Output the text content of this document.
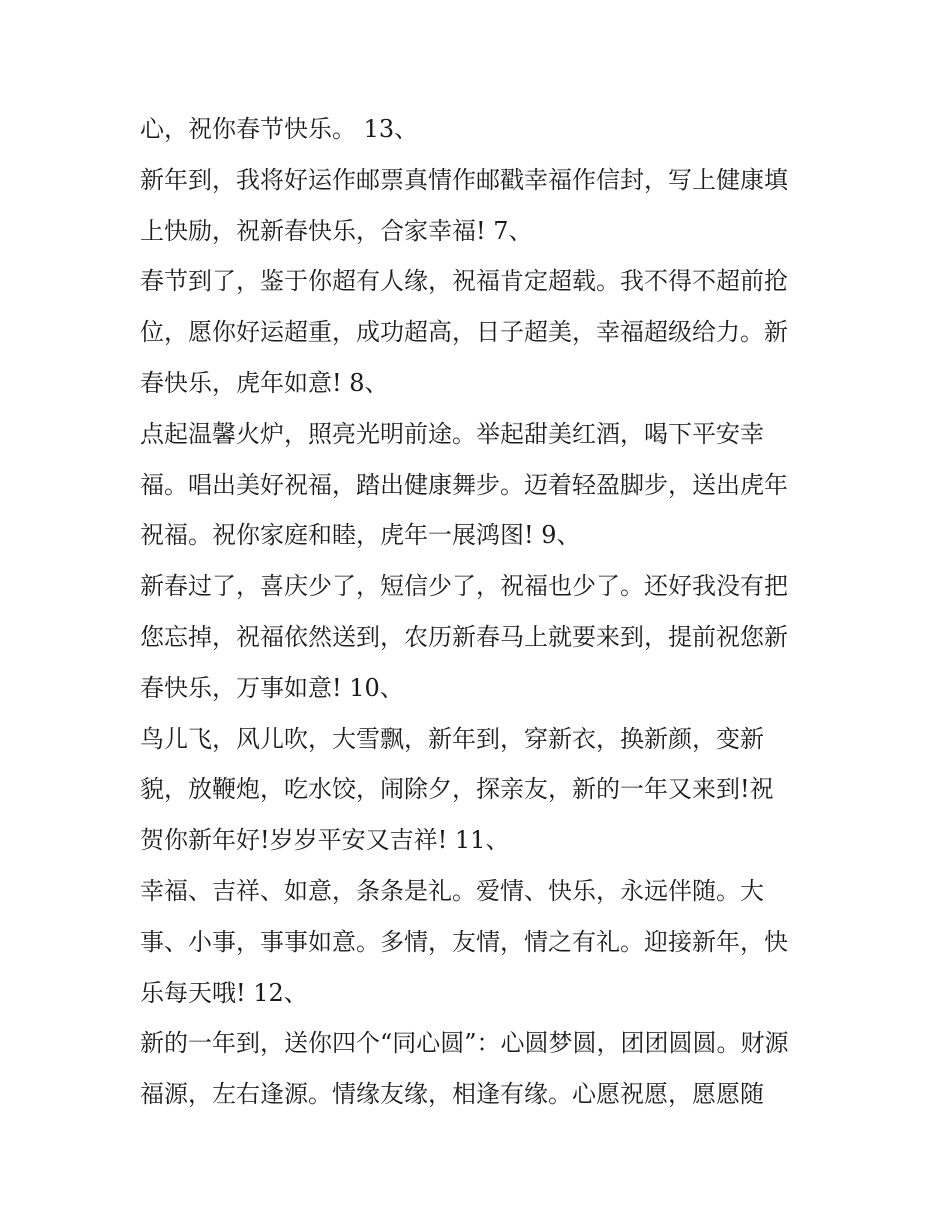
心，祝你春节快乐。 13、
新年到，我将好运作邮票真情作邮戳幸福作信封，写上健康填
上快励，祝新春快乐，合家幸福! 7、
春节到了，鉴于你超有人缘，祝福肯定超载。我不得不超前抢
位，愿你好运超重，成功超高，日子超美，幸福超级给力。新
春快乐，虎年如意! 8、
点起温馨火炉，照亮光明前途。举起甜美红酒，喝下平安幸
福。唱出美好祝福，踏出健康舞步。迈着轻盈脚步，送出虎年
祝福。祝你家庭和睦，虎年一展鸿图! 9、
新春过了，喜庆少了，短信少了，祝福也少了。还好我没有把
您忘掉，祝福依然送到，农历新春马上就要来到，提前祝您新
春快乐，万事如意! 10、
鸟儿飞，风儿吹，大雪飘，新年到，穿新衣，换新颜，变新
貌，放鞭炮，吃水饺，闹除夕，探亲友，新的一年又来到!祝
贺你新年好!岁岁平安又吉祥! 11、
幸福、吉祥、如意，条条是礼。爱情、快乐，永远伴随。大
事、小事，事事如意。多情，友情，情之有礼。迎接新年，快
乐每天哦! 12、
新的一年到，送你四个“同心圆”：心圆梦圆，团团圆圆。财源
福源，左右逢源。情缘友缘，相逢有缘。心愿祝愿，愿愿随
